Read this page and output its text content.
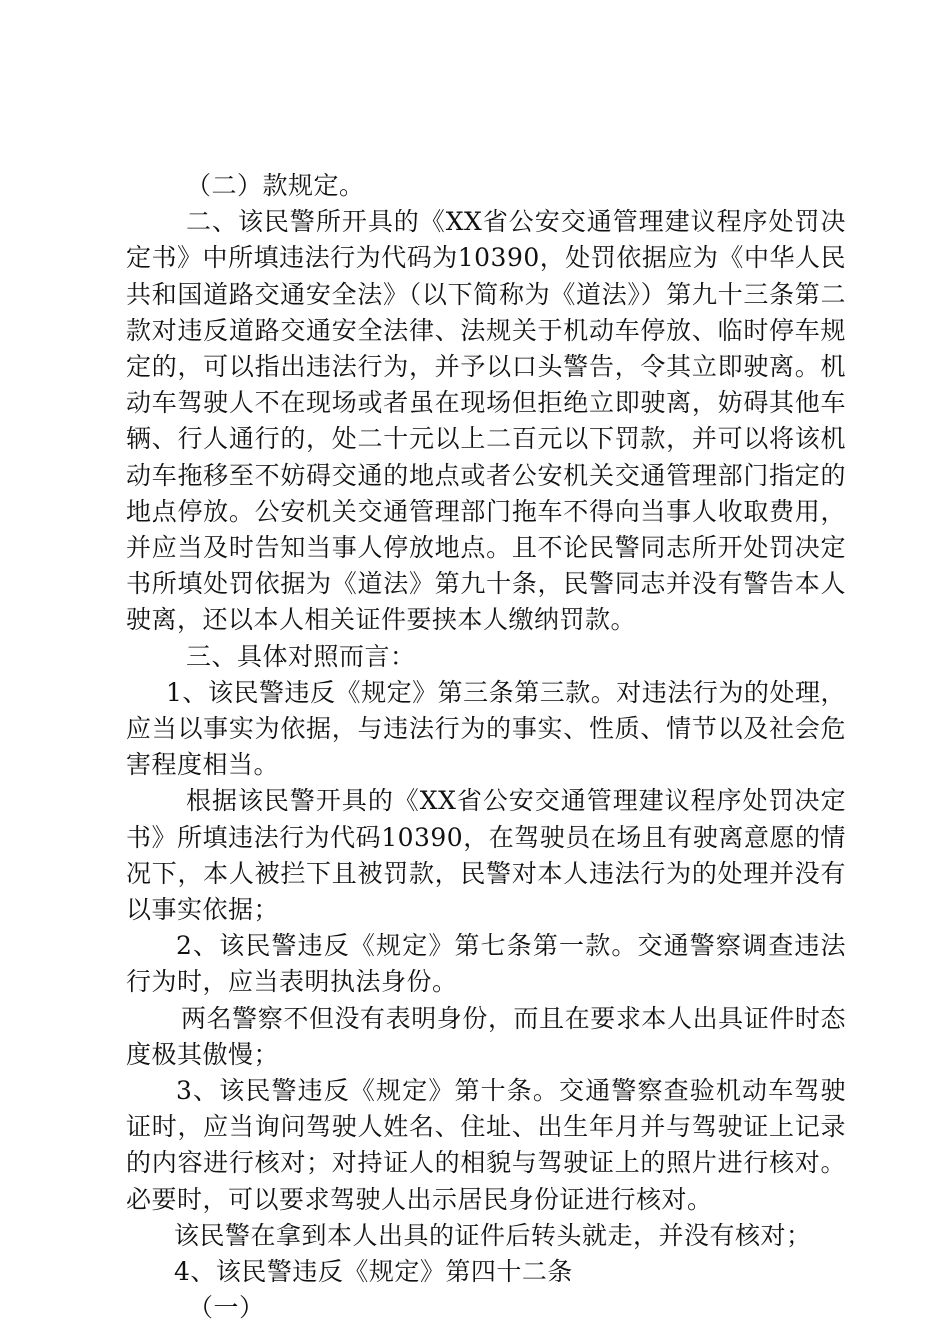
（二）款规定。

二、该民警所开具的《XX省公安交通管理建议程序处罚决定书》中所填违法行为代码为10390，处罚依据应为《中华人民共和国道路交通安全法》（以下简称为《道法》）第九十三条第二款对违反道路交通安全法律、法规关于机动车停放、临时停车规定的，可以指出违法行为，并予以口头警告，令其立即驶离。机动车驾驶人不在现场或者虽在现场但拒绝立即驶离，妨碍其他车辆、行人通行的，处二十元以上二百元以下罚款，并可以将该机动车拖移至不妨碍交通的地点或者公安机关交通管理部门指定的地点停放。公安机关交通管理部门拖车不得向当事人收取费用，并应当及时告知当事人停放地点。且不论民警同志所开处罚决定书所填处罚依据为《道法》第九十条，民警同志并没有警告本人驶离，还以本人相关证件要挟本人缴纳罚款。

三、具体对照而言：

1、该民警违反《规定》第三条第三款。对违法行为的处理，应当以事实为依据，与违法行为的事实、性质、情节以及社会危害程度相当。

根据该民警开具的《XX省公安交通管理建议程序处罚决定书》所填违法行为代码10390，在驾驶员在场且有驶离意愿的情况下，本人被拦下且被罚款，民警对本人违法行为的处理并没有以事实依据；

2、该民警违反《规定》第七条第一款。交通警察调查违法行为时，应当表明执法身份。

两名警察不但没有表明身份，而且在要求本人出具证件时态度极其傲慢；

3、该民警违反《规定》第十条。交通警察查验机动车驾驶证时，应当询问驾驶人姓名、住址、出生年月并与驾驶证上记录的内容进行核对；对持证人的相貌与驾驶证上的照片进行核对。必要时，可以要求驾驶人出示居民身份证进行核对。

该民警在拿到本人出具的证件后转头就走，并没有核对；

4、该民警违反《规定》第四十二条

（一）
